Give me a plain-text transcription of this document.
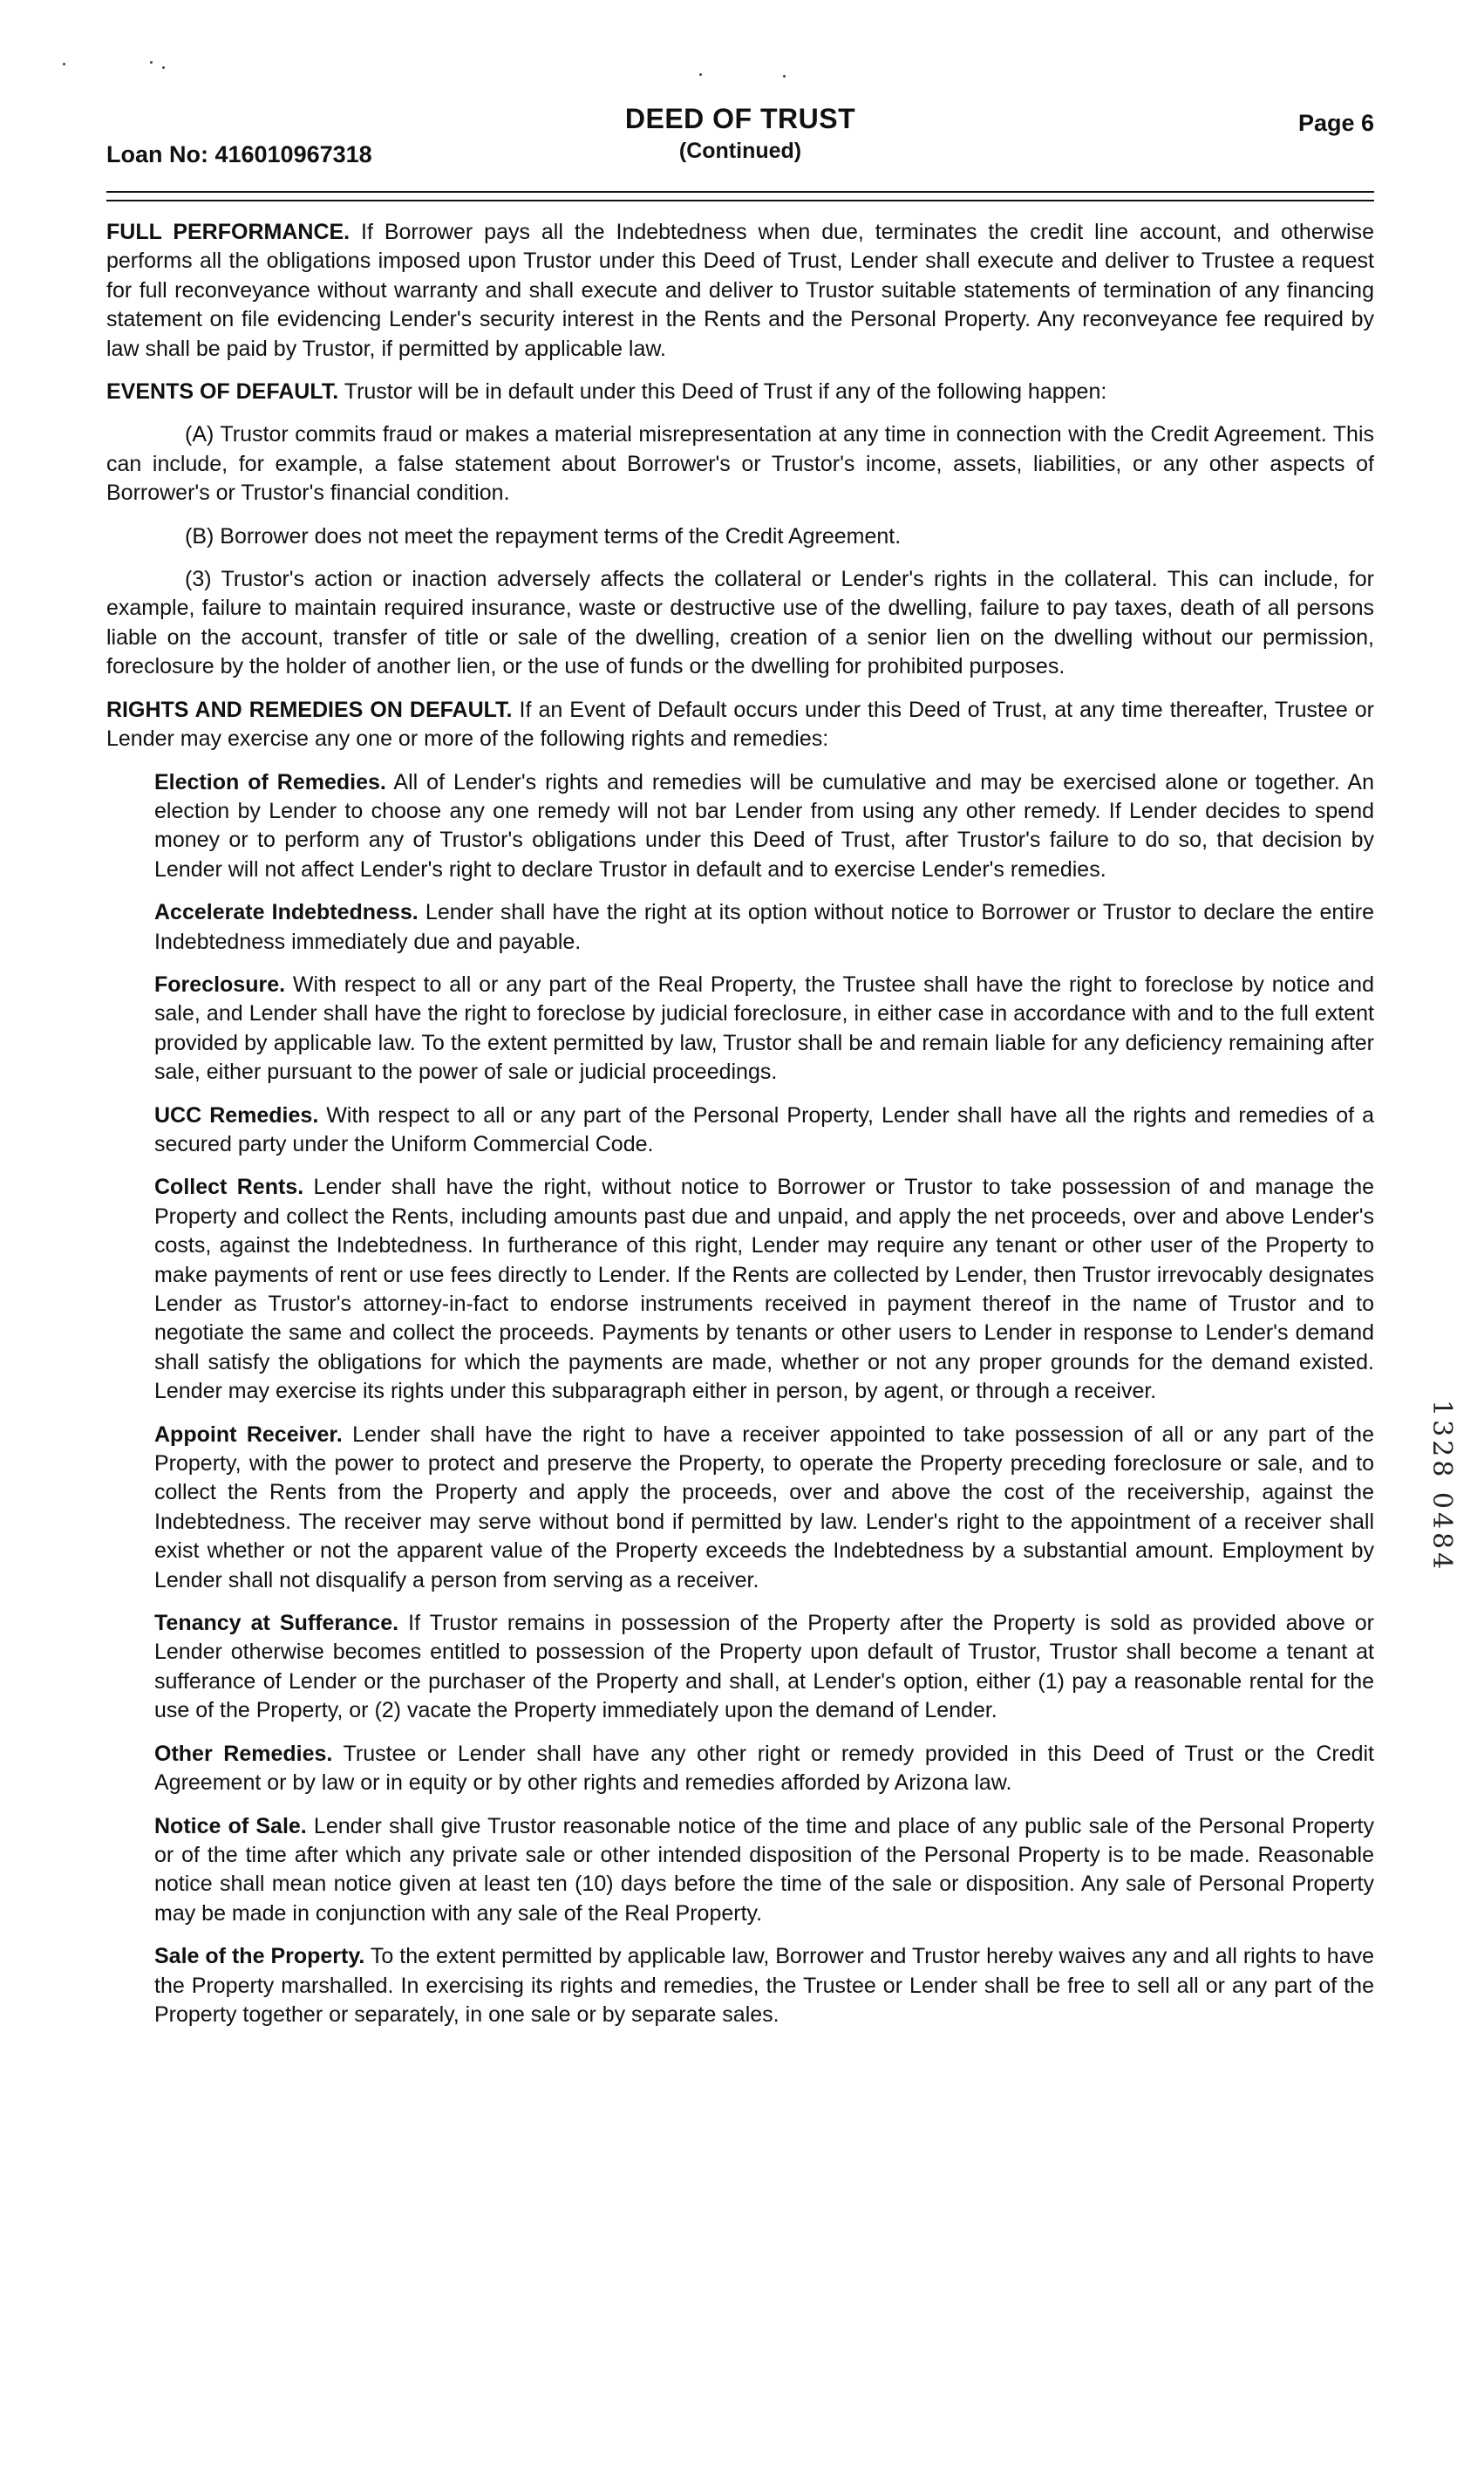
Loan No: 416010967318
DEED OF TRUST
(Continued)
Page 6

FULL PERFORMANCE. If Borrower pays all the Indebtedness when due, terminates the credit line account, and otherwise performs all the obligations imposed upon Trustor under this Deed of Trust, Lender shall execute and deliver to Trustee a request for full reconveyance without warranty and shall execute and deliver to Trustor suitable statements of termination of any financing statement on file evidencing Lender's security interest in the Rents and the Personal Property. Any reconveyance fee required by law shall be paid by Trustor, if permitted by applicable law.

EVENTS OF DEFAULT. Trustor will be in default under this Deed of Trust if any of the following happen:

(A) Trustor commits fraud or makes a material misrepresentation at any time in connection with the Credit Agreement. This can include, for example, a false statement about Borrower's or Trustor's income, assets, liabilities, or any other aspects of Borrower's or Trustor's financial condition.

(B) Borrower does not meet the repayment terms of the Credit Agreement.

(3) Trustor's action or inaction adversely affects the collateral or Lender's rights in the collateral. This can include, for example, failure to maintain required insurance, waste or destructive use of the dwelling, failure to pay taxes, death of all persons liable on the account, transfer of title or sale of the dwelling, creation of a senior lien on the dwelling without our permission, foreclosure by the holder of another lien, or the use of funds or the dwelling for prohibited purposes.

RIGHTS AND REMEDIES ON DEFAULT. If an Event of Default occurs under this Deed of Trust, at any time thereafter, Trustee or Lender may exercise any one or more of the following rights and remedies:

Election of Remedies. All of Lender's rights and remedies will be cumulative and may be exercised alone or together. An election by Lender to choose any one remedy will not bar Lender from using any other remedy. If Lender decides to spend money or to perform any of Trustor's obligations under this Deed of Trust, after Trustor's failure to do so, that decision by Lender will not affect Lender's right to declare Trustor in default and to exercise Lender's remedies.

Accelerate Indebtedness. Lender shall have the right at its option without notice to Borrower or Trustor to declare the entire Indebtedness immediately due and payable.

Foreclosure. With respect to all or any part of the Real Property, the Trustee shall have the right to foreclose by notice and sale, and Lender shall have the right to foreclose by judicial foreclosure, in either case in accordance with and to the full extent provided by applicable law. To the extent permitted by law, Trustor shall be and remain liable for any deficiency remaining after sale, either pursuant to the power of sale or judicial proceedings.

UCC Remedies. With respect to all or any part of the Personal Property, Lender shall have all the rights and remedies of a secured party under the Uniform Commercial Code.

Collect Rents. Lender shall have the right, without notice to Borrower or Trustor to take possession of and manage the Property and collect the Rents, including amounts past due and unpaid, and apply the net proceeds, over and above Lender's costs, against the Indebtedness. In furtherance of this right, Lender may require any tenant or other user of the Property to make payments of rent or use fees directly to Lender. If the Rents are collected by Lender, then Trustor irrevocably designates Lender as Trustor's attorney-in-fact to endorse instruments received in payment thereof in the name of Trustor and to negotiate the same and collect the proceeds. Payments by tenants or other users to Lender in response to Lender's demand shall satisfy the obligations for which the payments are made, whether or not any proper grounds for the demand existed. Lender may exercise its rights under this subparagraph either in person, by agent, or through a receiver.

Appoint Receiver. Lender shall have the right to have a receiver appointed to take possession of all or any part of the Property, with the power to protect and preserve the Property, to operate the Property preceding foreclosure or sale, and to collect the Rents from the Property and apply the proceeds, over and above the cost of the receivership, against the Indebtedness. The receiver may serve without bond if permitted by law. Lender's right to the appointment of a receiver shall exist whether or not the apparent value of the Property exceeds the Indebtedness by a substantial amount. Employment by Lender shall not disqualify a person from serving as a receiver.

Tenancy at Sufferance. If Trustor remains in possession of the Property after the Property is sold as provided above or Lender otherwise becomes entitled to possession of the Property upon default of Trustor, Trustor shall become a tenant at sufferance of Lender or the purchaser of the Property and shall, at Lender's option, either (1) pay a reasonable rental for the use of the Property, or (2) vacate the Property immediately upon the demand of Lender.

Other Remedies. Trustee or Lender shall have any other right or remedy provided in this Deed of Trust or the Credit Agreement or by law or in equity or by other rights and remedies afforded by Arizona law.

Notice of Sale. Lender shall give Trustor reasonable notice of the time and place of any public sale of the Personal Property or of the time after which any private sale or other intended disposition of the Personal Property is to be made. Reasonable notice shall mean notice given at least ten (10) days before the time of the sale or disposition. Any sale of Personal Property may be made in conjunction with any sale of the Real Property.

Sale of the Property. To the extent permitted by applicable law, Borrower and Trustor hereby waives any and all rights to have the Property marshalled. In exercising its rights and remedies, the Trustee or Lender shall be free to sell all or any part of the Property together or separately, in one sale or by separate sales.

1328 0484
